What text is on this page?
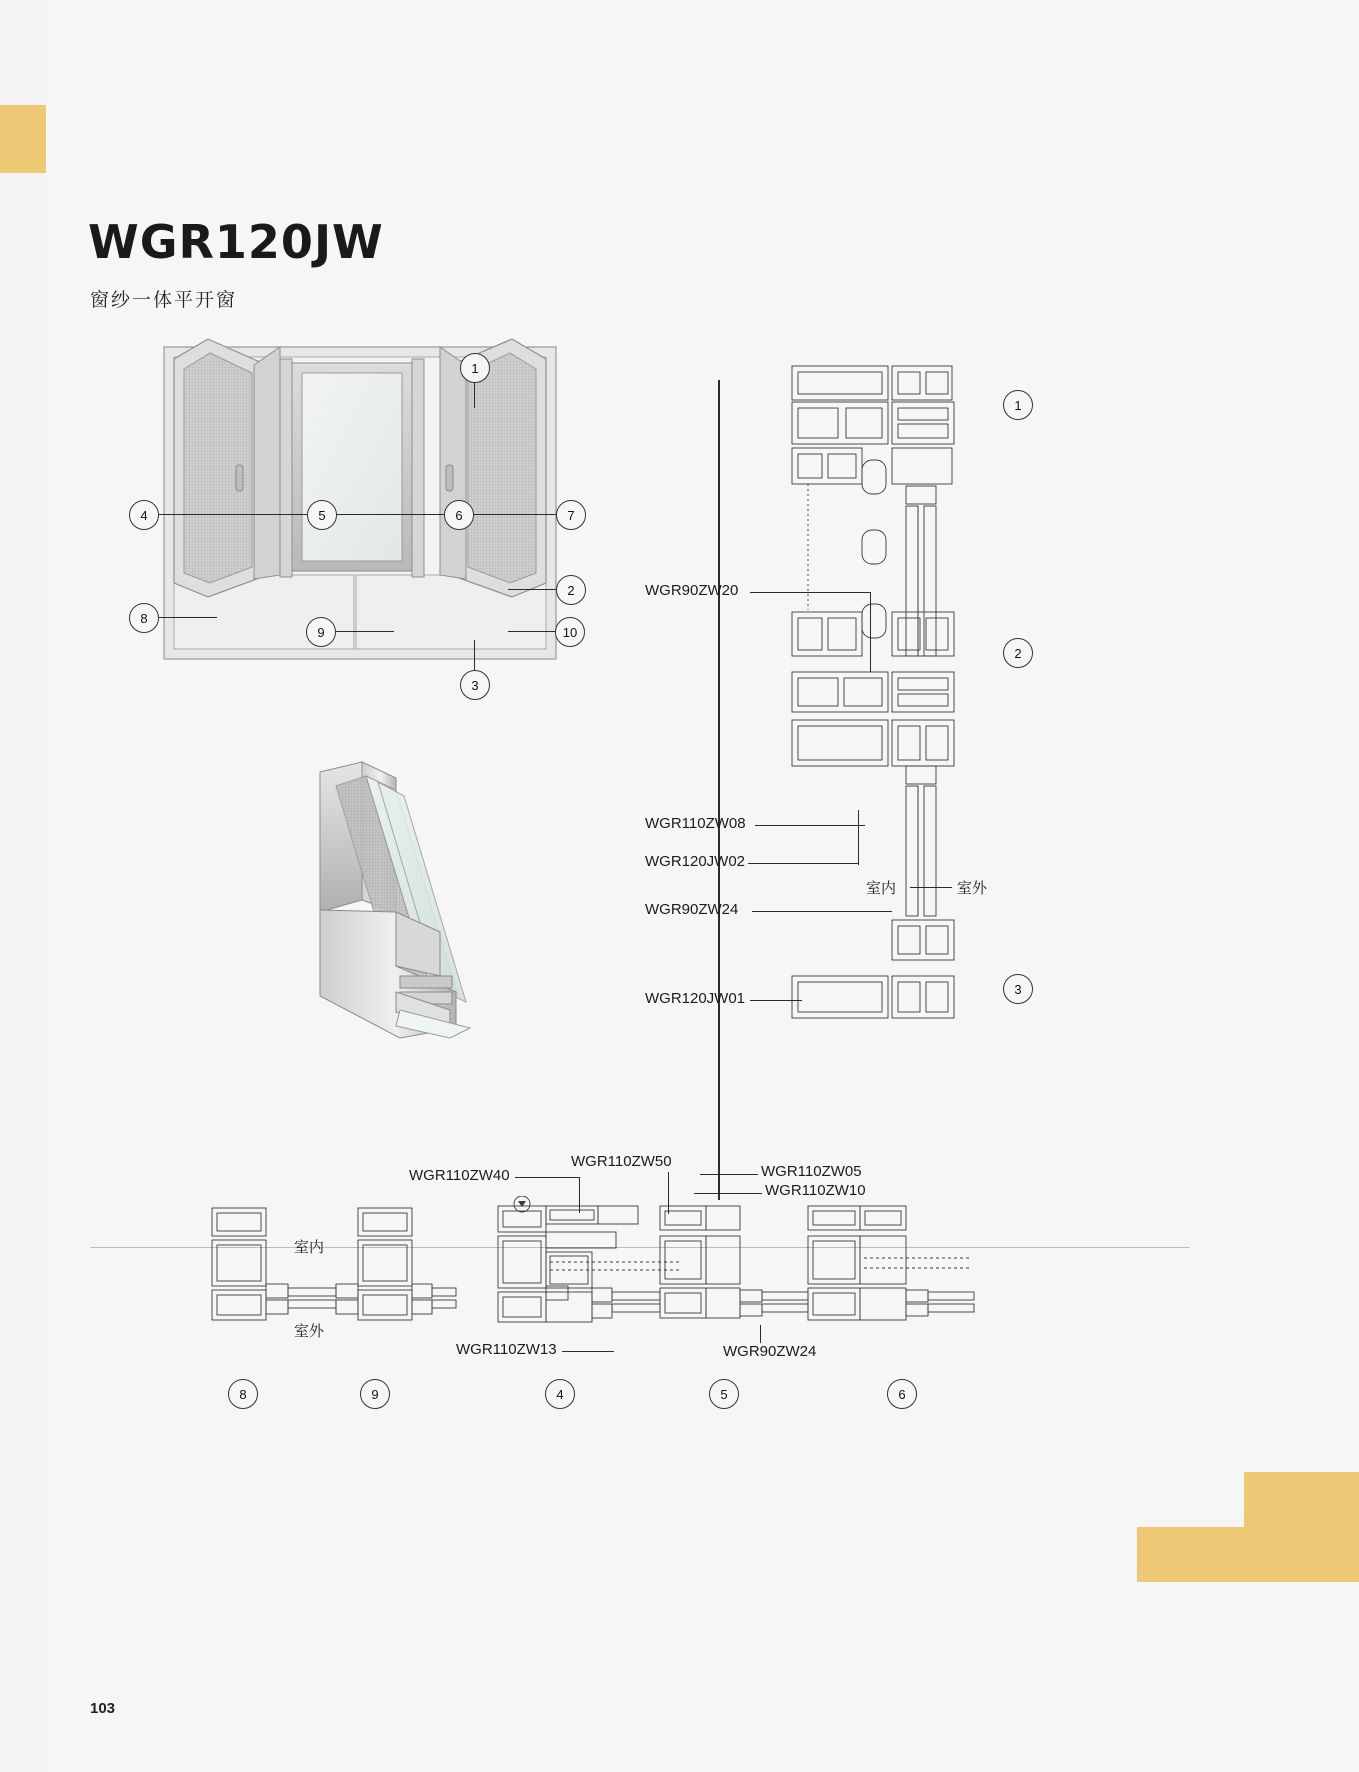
WGR120JW
窗纱一体平开窗
1
2
3
4	5	6	7
8
9	10
WGR90ZW20
WGR110ZW08
WGR120JW02
WGR90ZW24
室内	室外
WGR120JW01
1
2
3
室内
室外
WGR110ZW40
WGR110ZW50
WGR110ZW05
WGR110ZW10
WGR110ZW13	WGR90ZW24
8	9	4	5	6
103
